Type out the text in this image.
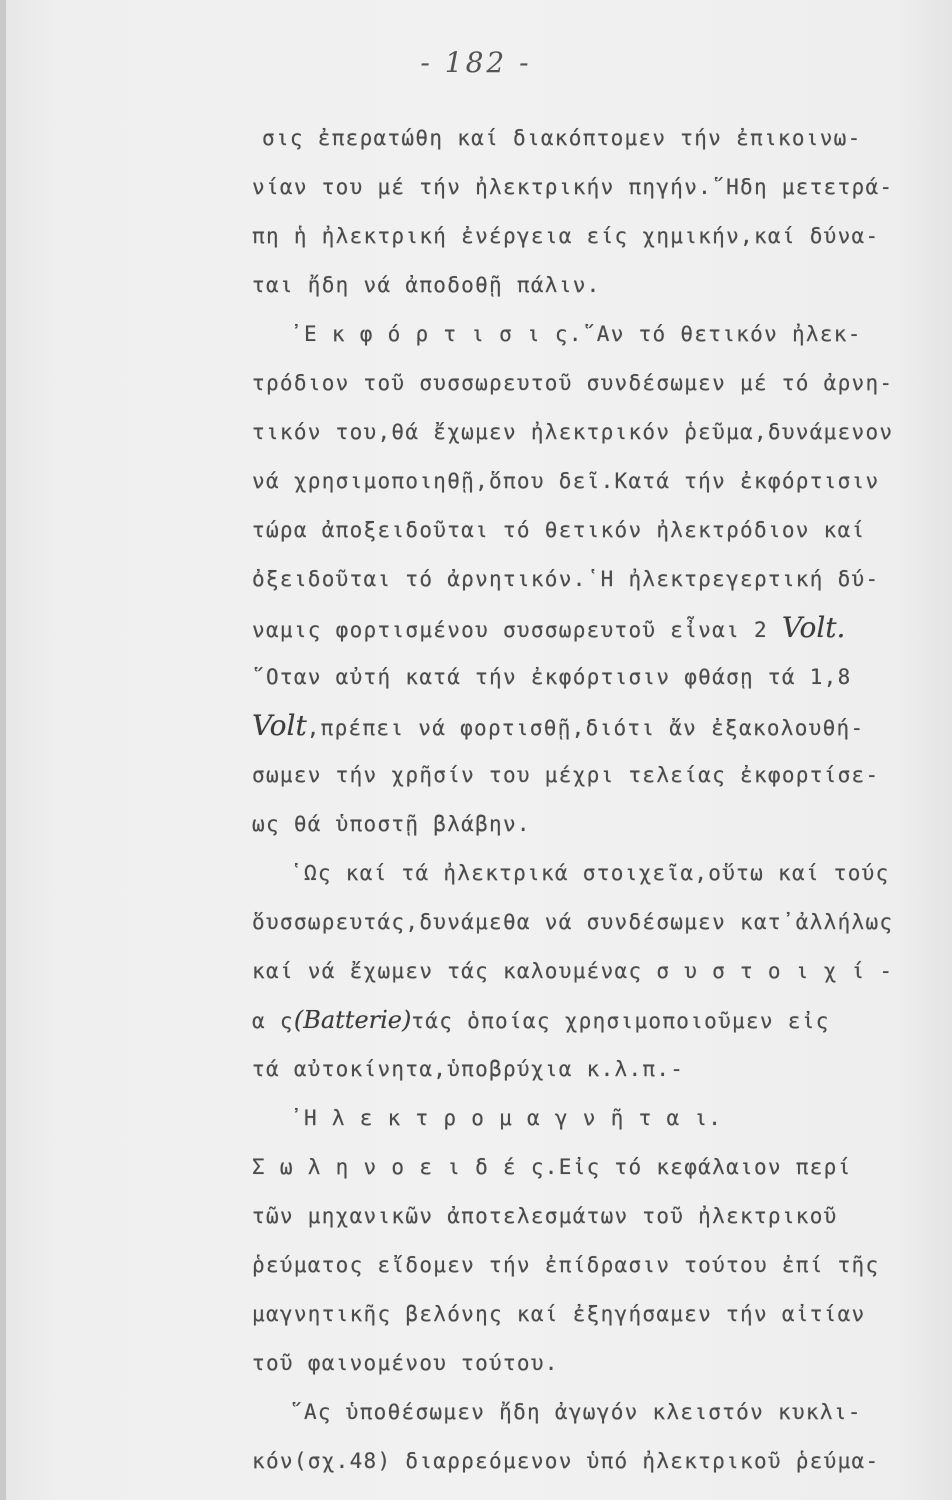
- 182 -
σις ἐπερατώθη καί διακόπτομεν τήν ἐπικοινω-
νίαν του μέ τήν ἠλεκτρικήν πηγήν.῞Ηδη μετετρά-
πη ἡ ἠλεκτρική ἐνέργεια είς χημικήν,καί δύνα-
ται ἤδη νά ἀποδοθῇ πάλιν.
᾿Ε κ φ ό ρ τ ι σ ι ς.῞Αν τό θετικόν ἠλεκ-
τρόδιον τοῦ συσσωρευτοῦ συνδέσωμεν μέ τό ἀρνη-
τικόν του,θά ἔχωμεν ἠλεκτρικόν ῥεῦμα,δυνάμενον
νά χρησιμοποιηθῇ,ὅπου δεῖ.Κατά τήν ἐκφόρτισιν
τώρα ἀποξειδοῦται τό θετικόν ἠλεκτρόδιον καί
ὀξειδοῦται τό ἀρνητικόν.῾Η ἠλεκτρεγερτική δύ-
ναμις φορτισμένου συσσωρευτοῦ εἶναι 2 Volt.
῞Οταν αὐτή κατά τήν ἐκφόρτισιν φθάσῃ τά 1,8
Volt,πρέπει νά φορτισθῇ,διότι ἄν ἐξακολουθή-
σωμεν τήν χρῆσίν του μέχρι τελείας ἐκφορτίσε-
ως θά ὑποστῇ βλάβην.
῾Ως καί τά ἠλεκτρικά στοιχεῖα,οὕτω καί τούς
ὅυσσωρευτάς,δυνάμεθα νά συνδέσωμεν κατ᾿ἀλλήλως
καί νά ἔχωμεν τάς καλουμένας σ υ σ τ ο ι χ ί -
α ς(Batterie)τάς ὁποίας χρησιμοποιοῦμεν εἰς
τά αὐτοκίνητα,ὑποβρύχια κ.λ.π.-
᾿Η λ ε κ τ ρ ο μ α γ ν ῆ τ α ι.
Σ ω λ η ν ο ε ι δ έ ς.Εἰς τό κεφάλαιον περί
τῶν μηχανικῶν ἀποτελεσμάτων τοῦ ἠλεκτρικοῦ
ῥεύματος εἴδομεν τήν ἐπίδρασιν τούτου ἐπί τῆς
μαγνητικῆς βελόνης καί ἐξηγήσαμεν τήν αἰτίαν
τοῦ φαινομένου τούτου.
῞Ας ὑποθέσωμεν ἤδη ἀγωγόν κλειστόν κυκλι-
κόν(σχ.48) διαρρεόμενον ὑπό ἠλεκτρικοῦ ῥεύμα-
